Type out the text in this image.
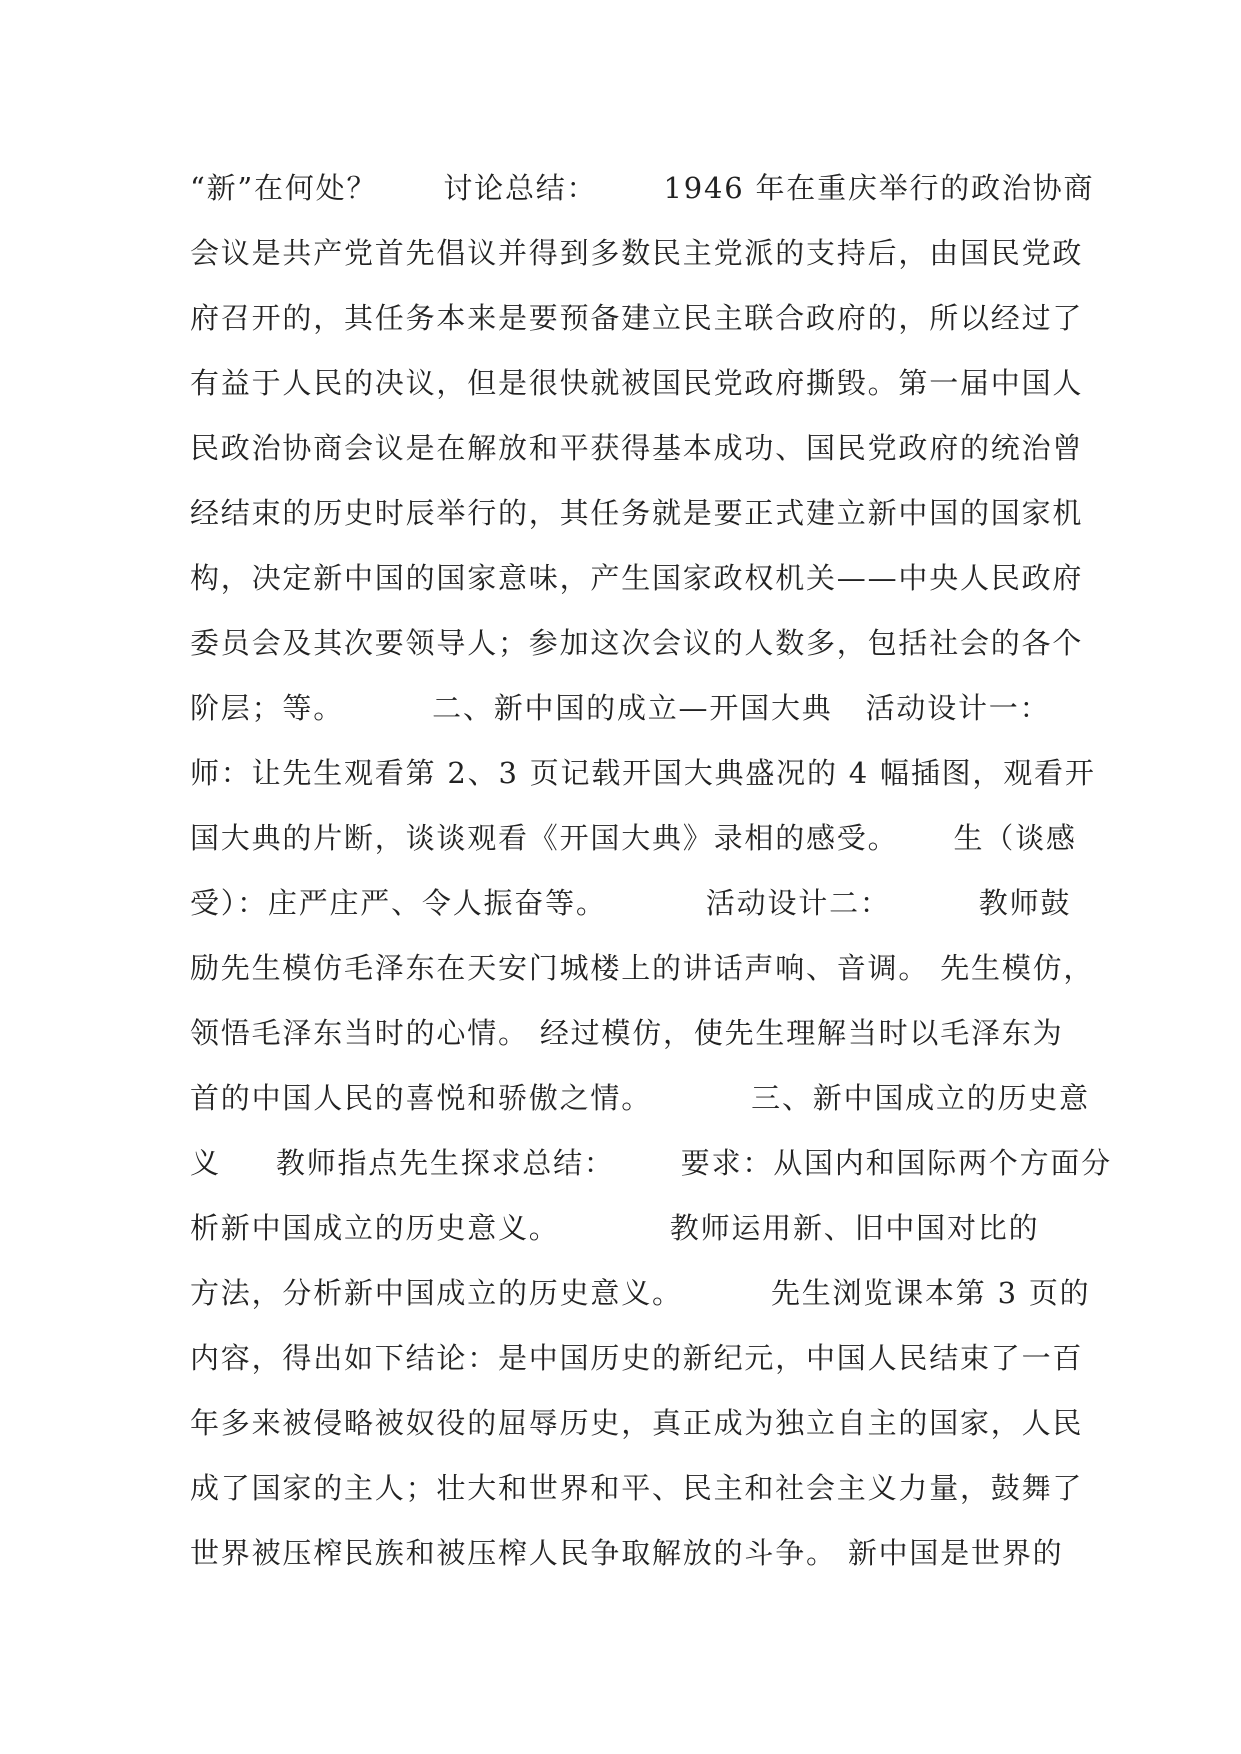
“新”在何处？      讨论总结：      1946 年在重庆举行的政治协商
会议是共产党首先倡议并得到多数民主党派的支持后，由国民党政
府召开的，其任务本来是要预备建立民主联合政府的，所以经过了
有益于人民的决议，但是很快就被国民党政府撕毁。第一届中国人
民政治协商会议是在解放和平获得基本成功、国民党政府的统治曾
经结束的历史时辰举行的，其任务就是要正式建立新中国的国家机
构，决定新中国的国家意味，产生国家政权机关——中央人民政府
委员会及其次要领导人；参加这次会议的人数多，包括社会的各个
阶层；等。        二、新中国的成立—开国大典   活动设计一：
师：让先生观看第 2、3 页记载开国大典盛况的 4 幅插图，观看开
国大典的片断，谈谈观看《开国大典》录相的感受。     生（谈感
受）：庄严庄严、令人振奋等。         活动设计二：        教师鼓
励先生模仿毛泽东在天安门城楼上的讲话声响、音调。 先生模仿，
领悟毛泽东当时的心情。 经过模仿，使先生理解当时以毛泽东为
首的中国人民的喜悦和骄傲之情。         三、新中国成立的历史意
义     教师指点先生探求总结：      要求：从国内和国际两个方面分
析新中国成立的历史意义。          教师运用新、旧中国对比的
方法，分析新中国成立的历史意义。        先生浏览课本第 3 页的
内容，得出如下结论：是中国历史的新纪元，中国人民结束了一百
年多来被侵略被奴役的屈辱历史，真正成为独立自主的国家，人民
成了国家的主人；壮大和世界和平、民主和社会主义力量，鼓舞了
世界被压榨民族和被压榨人民争取解放的斗争。 新中国是世界的
